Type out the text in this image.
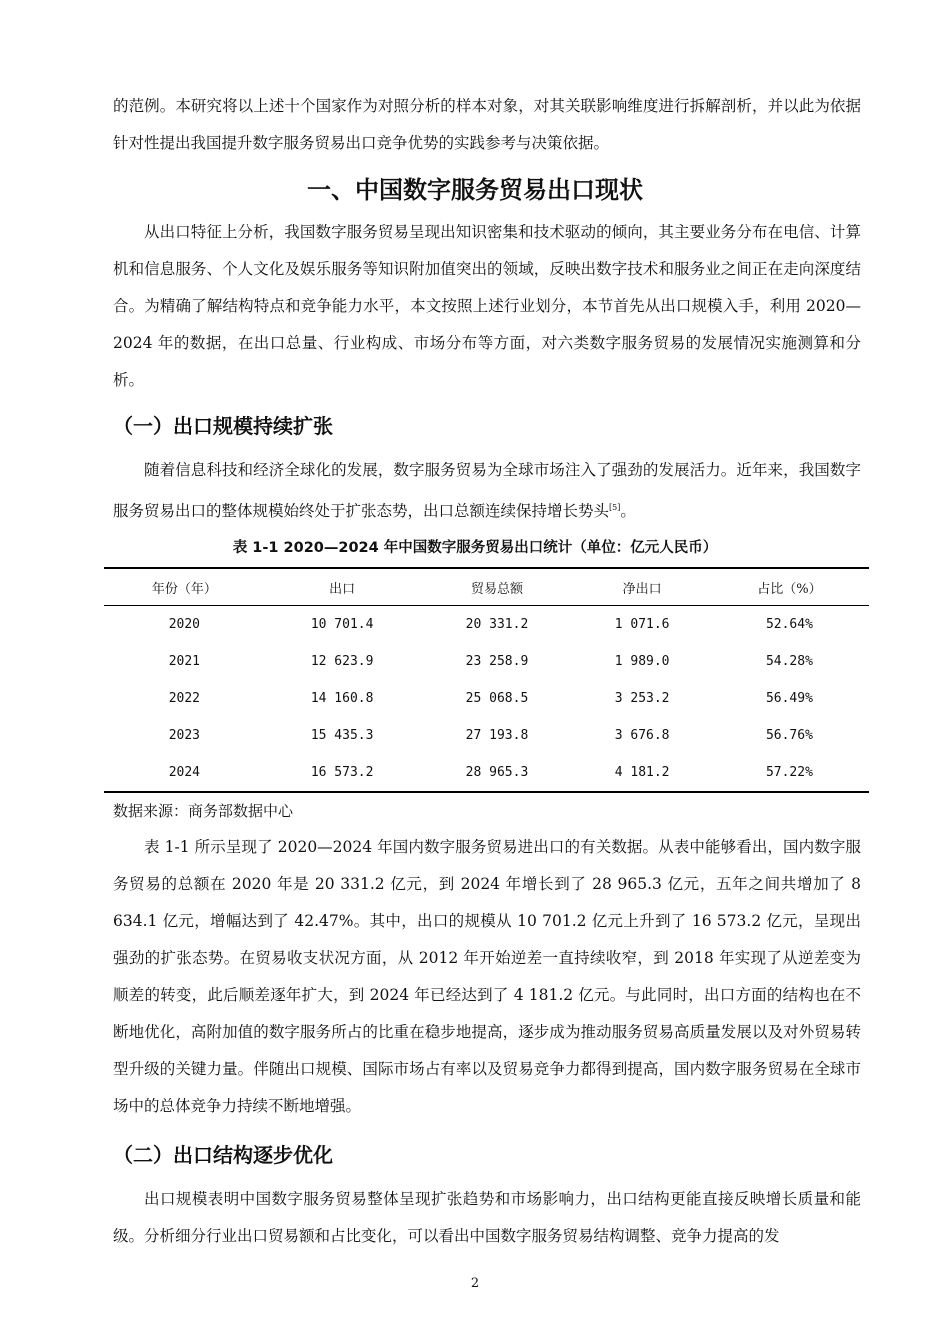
的范例。本研究将以上述十个国家作为对照分析的样本对象，对其关联影响维度进行拆解剖析，并以此为依据针对性提出我国提升数字服务贸易出口竞争优势的实践参考与决策依据。

一、中国数字服务贸易出口现状

从出口特征上分析，我国数字服务贸易呈现出知识密集和技术驱动的倾向，其主要业务分布在电信、计算机和信息服务、个人文化及娱乐服务等知识附加值突出的领域，反映出数字技术和服务业之间正在走向深度结合。为精确了解结构特点和竞争能力水平，本文按照上述行业划分，本节首先从出口规模入手，利用 2020—2024 年的数据，在出口总量、行业构成、市场分布等方面，对六类数字服务贸易的发展情况实施测算和分析。

（一）出口规模持续扩张

随着信息科技和经济全球化的发展，数字服务贸易为全球市场注入了强劲的发展活力。近年来，我国数字服务贸易出口的整体规模始终处于扩张态势，出口总额连续保持增长势头[5]。

表 1-1 2020—2024 年中国数字服务贸易出口统计（单位：亿元人民币）

年份（年）	出口	贸易总额	净出口	占比（%）
2020	10 701.4	20 331.2	1 071.6	52.64%
2021	12 623.9	23 258.9	1 989.0	54.28%
2022	14 160.8	25 068.5	3 253.2	56.49%
2023	15 435.3	27 193.8	3 676.8	56.76%
2024	16 573.2	28 965.3	4 181.2	57.22%

数据来源：商务部数据中心

表 1-1 所示呈现了 2020—2024 年国内数字服务贸易进出口的有关数据。从表中能够看出，国内数字服务贸易的总额在 2020 年是 20 331.2 亿元，到 2024 年增长到了 28 965.3 亿元，五年之间共增加了 8 634.1 亿元，增幅达到了 42.47%。其中，出口的规模从 10 701.2 亿元上升到了 16 573.2 亿元，呈现出强劲的扩张态势。在贸易收支状况方面，从 2012 年开始逆差一直持续收窄，到 2018 年实现了从逆差变为顺差的转变，此后顺差逐年扩大，到 2024 年已经达到了 4 181.2 亿元。与此同时，出口方面的结构也在不断地优化，高附加值的数字服务所占的比重在稳步地提高，逐步成为推动服务贸易高质量发展以及对外贸易转型升级的关键力量。伴随出口规模、国际市场占有率以及贸易竞争力都得到提高，国内数字服务贸易在全球市场中的总体竞争力持续不断地增强。

（二）出口结构逐步优化

出口规模表明中国数字服务贸易整体呈现扩张趋势和市场影响力，出口结构更能直接反映增长质量和能级。分析细分行业出口贸易额和占比变化，可以看出中国数字服务贸易结构调整、竞争力提高的发

2
